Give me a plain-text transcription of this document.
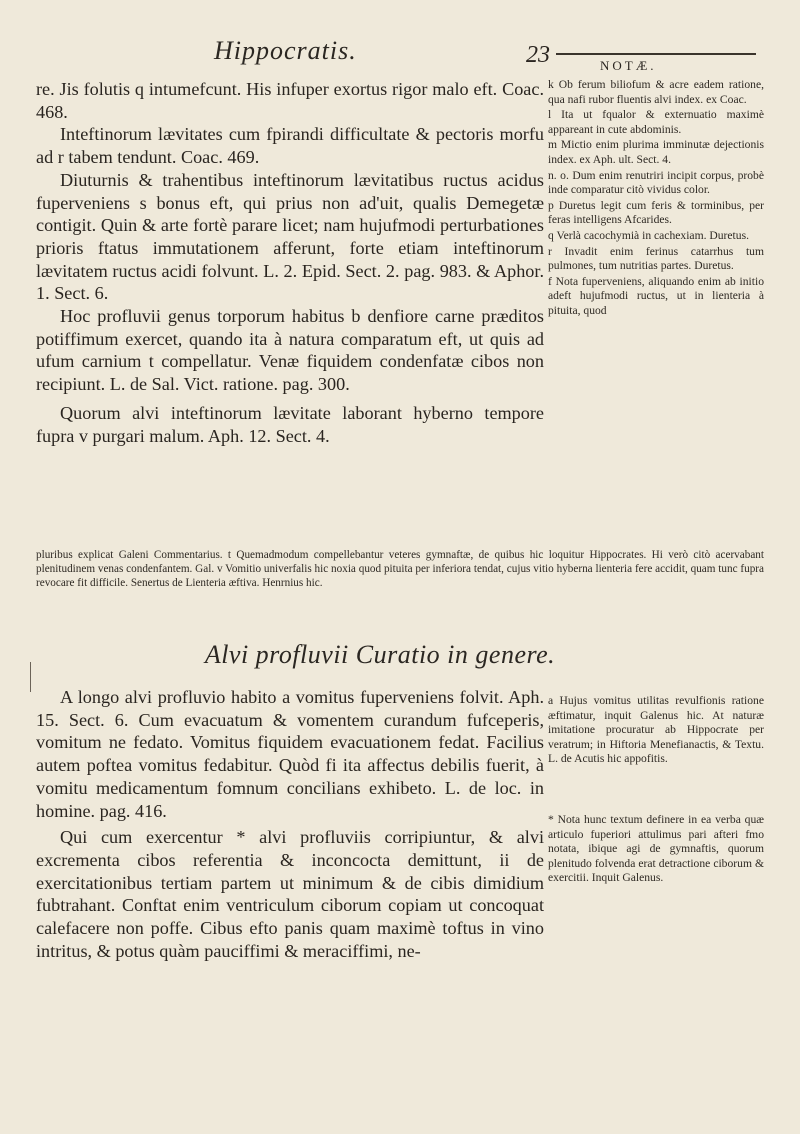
Hippocratis.	23	NOTÆ.

re. Jis folutis q intumefcunt. His infuper exortus rigor malo eft. Coac. 468.

Inteftinorum lævitates cum fpirandi difficultate & pectoris morfu ad r tabem tendunt. Coac. 469.

Diuturnis & trahentibus inteftinorum lævitatibus ructus acidus fuperveniens s bonus eft, qui prius non ad'uit, qualis Demegetæ contigit. Quin & arte fortè parare licet; nam hujufmodi perturbationes prioris ftatus immutationem afferunt, forte etiam inteftinorum lævitatem ructus acidi folvunt. L. 2. Epid. Sect. 2. pag. 983. & Aphor. 1. Sect. 6.

Hoc profluvii genus torporum habitus b denfiore carne præditos potiffimum exercet, quando ita à natura comparatum eft, ut quis ad ufum carnium t compellatur. Venæ fiquidem condenfatæ cibos non recipiunt. L. de Sal. Vict. ratione. pag. 300.

Quorum alvi inteftinorum lævitate laborant hyberno tempore fupra v purgari malum. Aph. 12. Sect. 4.

k Ob ferum biliofum & acre eadem ratione, qua nafi rubor fluentis alvi index. ex Coac.

l Ita ut fqualor & externuatio maximè appareant in cute abdominis.

m Mictio enim plurima imminutæ dejectionis index. ex Aph. ult. Sect. 4.

n. o. Dum enim renutriri incipit corpus, probè inde comparatur citò vividus color.

p Duretus legit cum feris & torminibus, per feras intelligens Afcarides.

q Verlà cacochymià in cachexiam. Duretus.

r Invadit enim ferinus catarrhus tum pulmones, tum nutritias partes. Duretus.

f Nota fuperveniens, aliquando enim ab initio adeft hujufmodi ructus, ut in lienteria à pituita, quod

pluribus explicat Galeni Commentarius. t Quemadmodum compellebantur veteres gymnaftæ, de quibus hic loquitur Hippocrates. Hi verò citò acervabant plenitudinem venas condenfantem. Gal. v Vomitio univerfalis hic noxia quod pituita per inferiora tendat, cujus vitio hyberna lienteria fere accidit, quam tunc fupra revocare fit difficile. Senertus de Lienteria æftiva. Henrnius hic.
Alvi profluvii Curatio in genere.

A longo alvi profluvio habito a vomitus fuperveniens folvit. Aph. 15. Sect. 6. Cum evacuatum & vomentem curandum fufceperis, vomitum ne fedato. Vomitus fiquidem evacuationem fedat. Facilius autem poftea vomitus fedabitur. Quòd fi ita affectus debilis fuerit, à vomitu medicamentum fomnum concilians exhibeto. L. de loc. in homine. pag. 416.

Qui cum exercentur * alvi profluviis corripiuntur, & alvi excrementa cibos referentia & inconcocta demittunt, ii de exercitationibus tertiam partem ut minimum & de cibis dimidium fubtrahant. Conftat enim ventriculum ciborum copiam ut concoquat calefacere non poffe. Cibus efto panis quam maximè toftus in vino intritus, & potus quàm pauciffimi & meraciffimi, ne-

a Hujus vomitus utilitas revulfionis ratione æftimatur, inquit Galenus hic. At naturæ imitatione procuratur ab Hippocrate per veratrum; in Hiftoria Menefianactis, & Textu. L. de Acutis hic appofitis.

* Nota hunc textum definere in ea verba quæ articulo fuperiori attulimus pari afteri fmo notata, ibique agi de gymnaftis, quorum plenitudo folvenda erat detractione ciborum & exercitii. Inquit Galenus.
